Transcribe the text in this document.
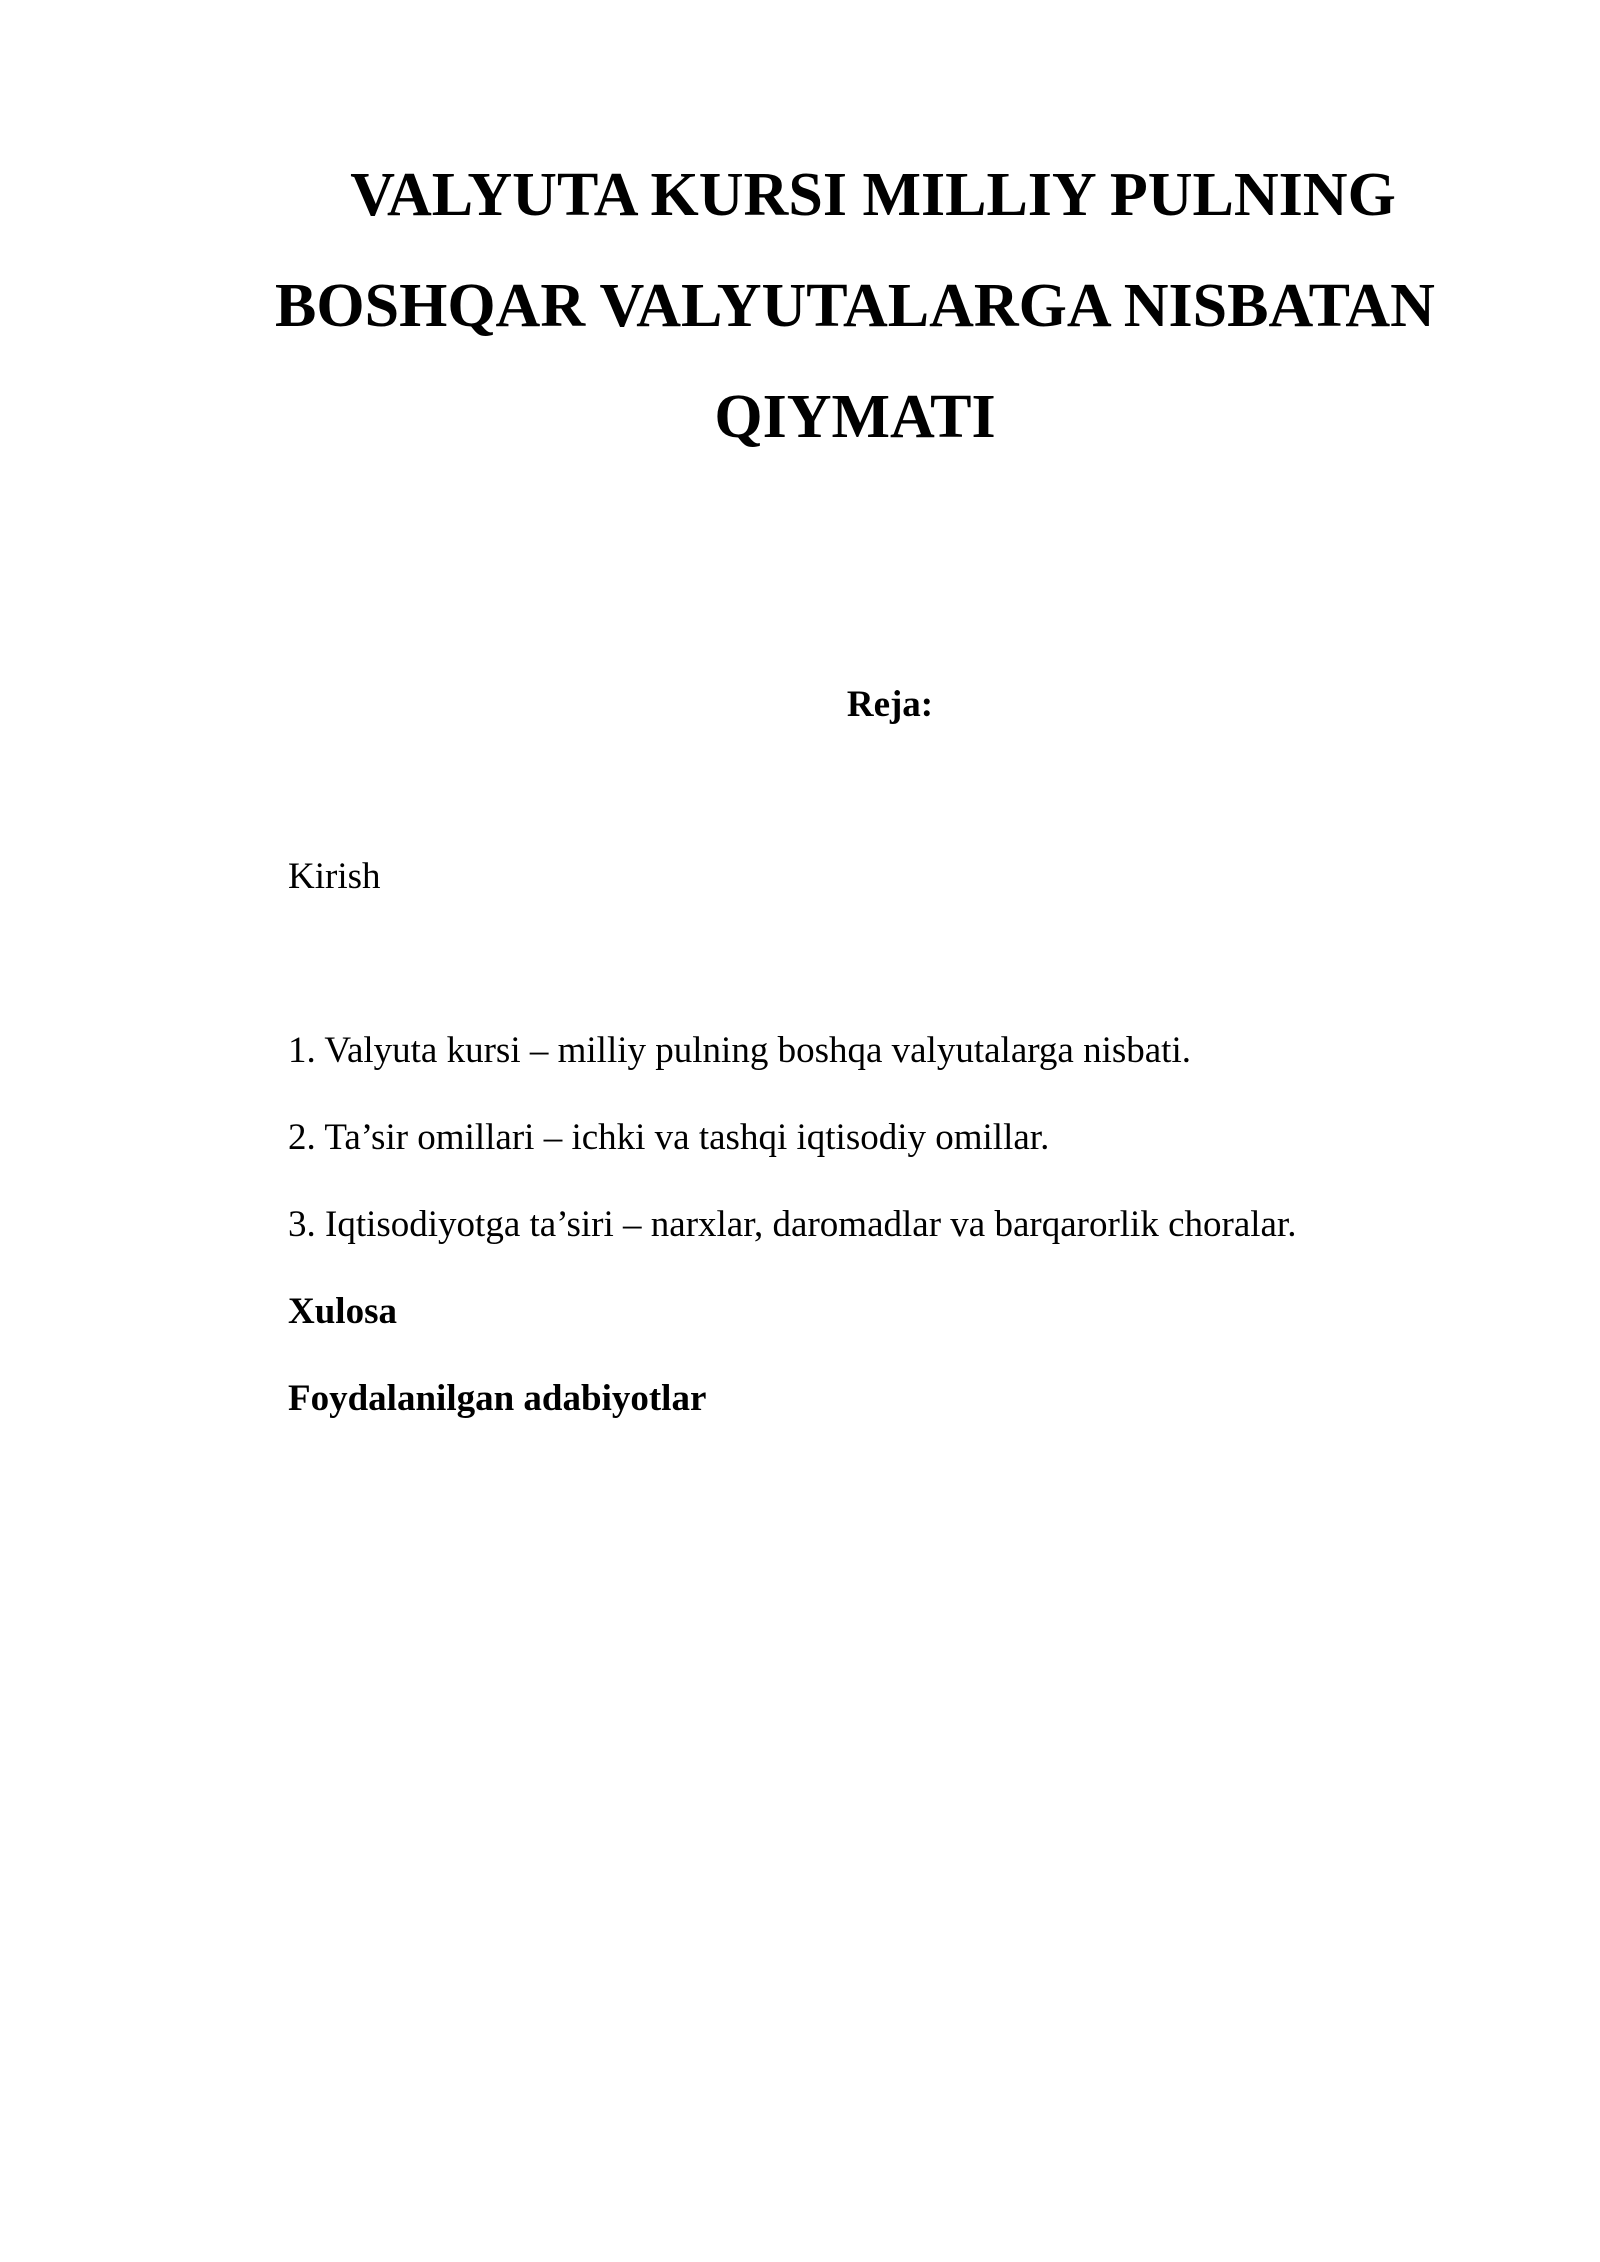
VALYUTA KURSI MILLIY PULNING
BOSHQAR VALYUTALARGA NISBATAN
QIYMATI

Reja:

Kirish

1. Valyuta kursi – milliy pulning boshqa valyutalarga nisbati.
2. Ta’sir omillari – ichki va tashqi iqtisodiy omillar.
3. Iqtisodiyotga ta’siri – narxlar, daromadlar va barqarorlik choralar.
Xulosa
Foydalanilgan adabiyotlar
